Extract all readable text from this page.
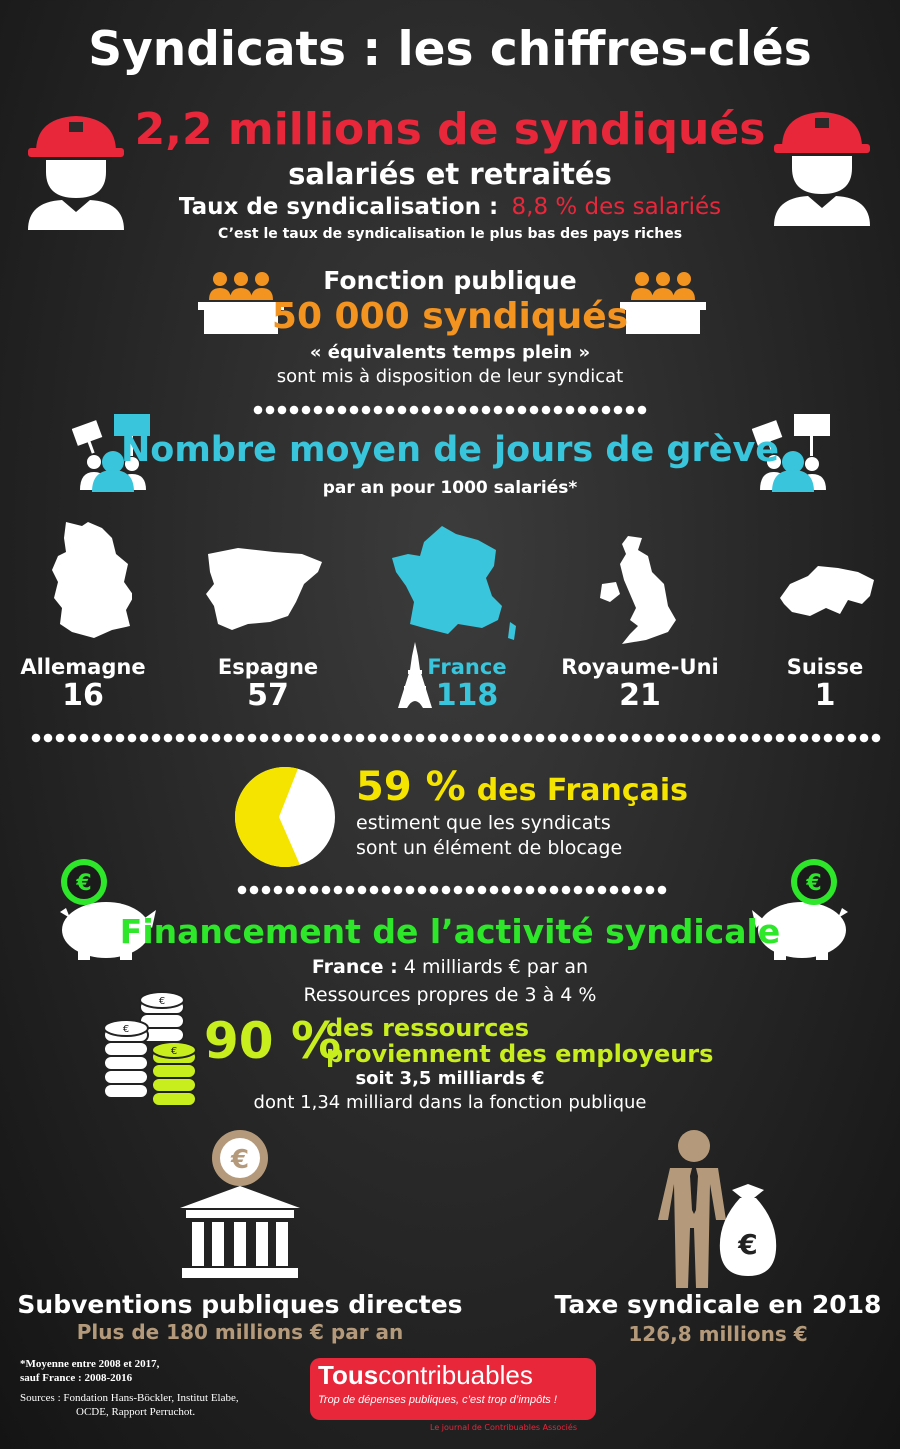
Syndicats : les chiffres-clés
2,2 millions de syndiqués
salariés et retraités
Taux de syndicalisation : 8,8 % des salariés
C’est le taux de syndicalisation le plus bas des pays riches
Fonction publique
50 000 syndiqués
« équivalents temps plein »
sont mis à disposition de leur syndicat
Nombre moyen de jours de grève
par an pour 1000 salariés*
Allemagne
16
Espagne
57
France
118
Royaume-Uni
21
Suisse
1
59 % des Français
estiment que les syndicats
sont un élément de blocage
€	€
Financement de l’activité syndicale
France : 4 milliards € par an
Ressources propres de 3 à 4 %
€
€
€ 90 %
des ressources
proviennent des employeurs
soit 3,5 milliards €
dont 1,34 milliard dans la fonction publique
€
€
Subventions publiques directes
Plus de 180 millions € par an
Taxe syndicale en 2018
126,8 millions €
*Moyenne entre 2008 et 2017,
sauf France : 2008-2016
Sources : Fondation Hans-Böckler, Institut Elabe,
OCDE, Rapport Perruchot.
Touscontribuables
Trop de dépenses publiques, c’est trop d’impôts !
Le journal de Contribuables Associés
